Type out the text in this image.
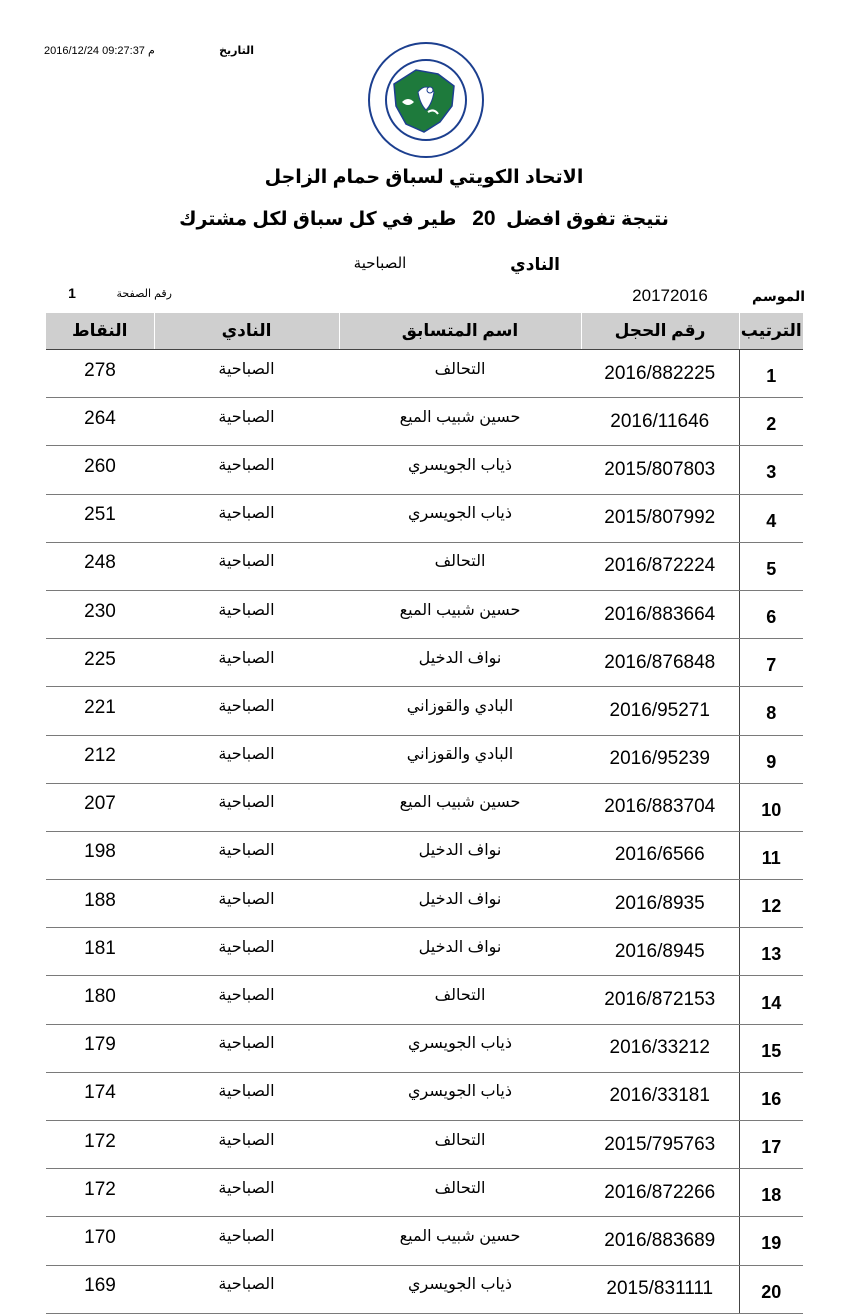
التاريخ
2016/12/24 09:27:37 م
الاتحاد الكويتي لسباق حمام الزاجل
نتيجة تفوق افضل  20   طير في كل سباق لكل مشترك
النادي
الصباحية
الموسم
20172016
رقم الصفحة
1
الترتيب	رقم الحجل	اسم المتسابق	النادي	النقاط
1	2016/882225	التحالف	الصباحية	278
2	2016/11646	حسين شبيب الميع	الصباحية	264
3	2015/807803	ذياب الجويسري	الصباحية	260
4	2015/807992	ذياب الجويسري	الصباحية	251
5	2016/872224	التحالف	الصباحية	248
6	2016/883664	حسين شبيب الميع	الصباحية	230
7	2016/876848	نواف الدخيل	الصباحية	225
8	2016/95271	البادي والقوزاني	الصباحية	221
9	2016/95239	البادي والقوزاني	الصباحية	212
10	2016/883704	حسين شبيب الميع	الصباحية	207
11	2016/6566	نواف الدخيل	الصباحية	198
12	2016/8935	نواف الدخيل	الصباحية	188
13	2016/8945	نواف الدخيل	الصباحية	181
14	2016/872153	التحالف	الصباحية	180
15	2016/33212	ذياب الجويسري	الصباحية	179
16	2016/33181	ذياب الجويسري	الصباحية	174
17	2015/795763	التحالف	الصباحية	172
18	2016/872266	التحالف	الصباحية	172
19	2016/883689	حسين شبيب الميع	الصباحية	170
20	2015/831111	ذياب الجويسري	الصباحية	169
